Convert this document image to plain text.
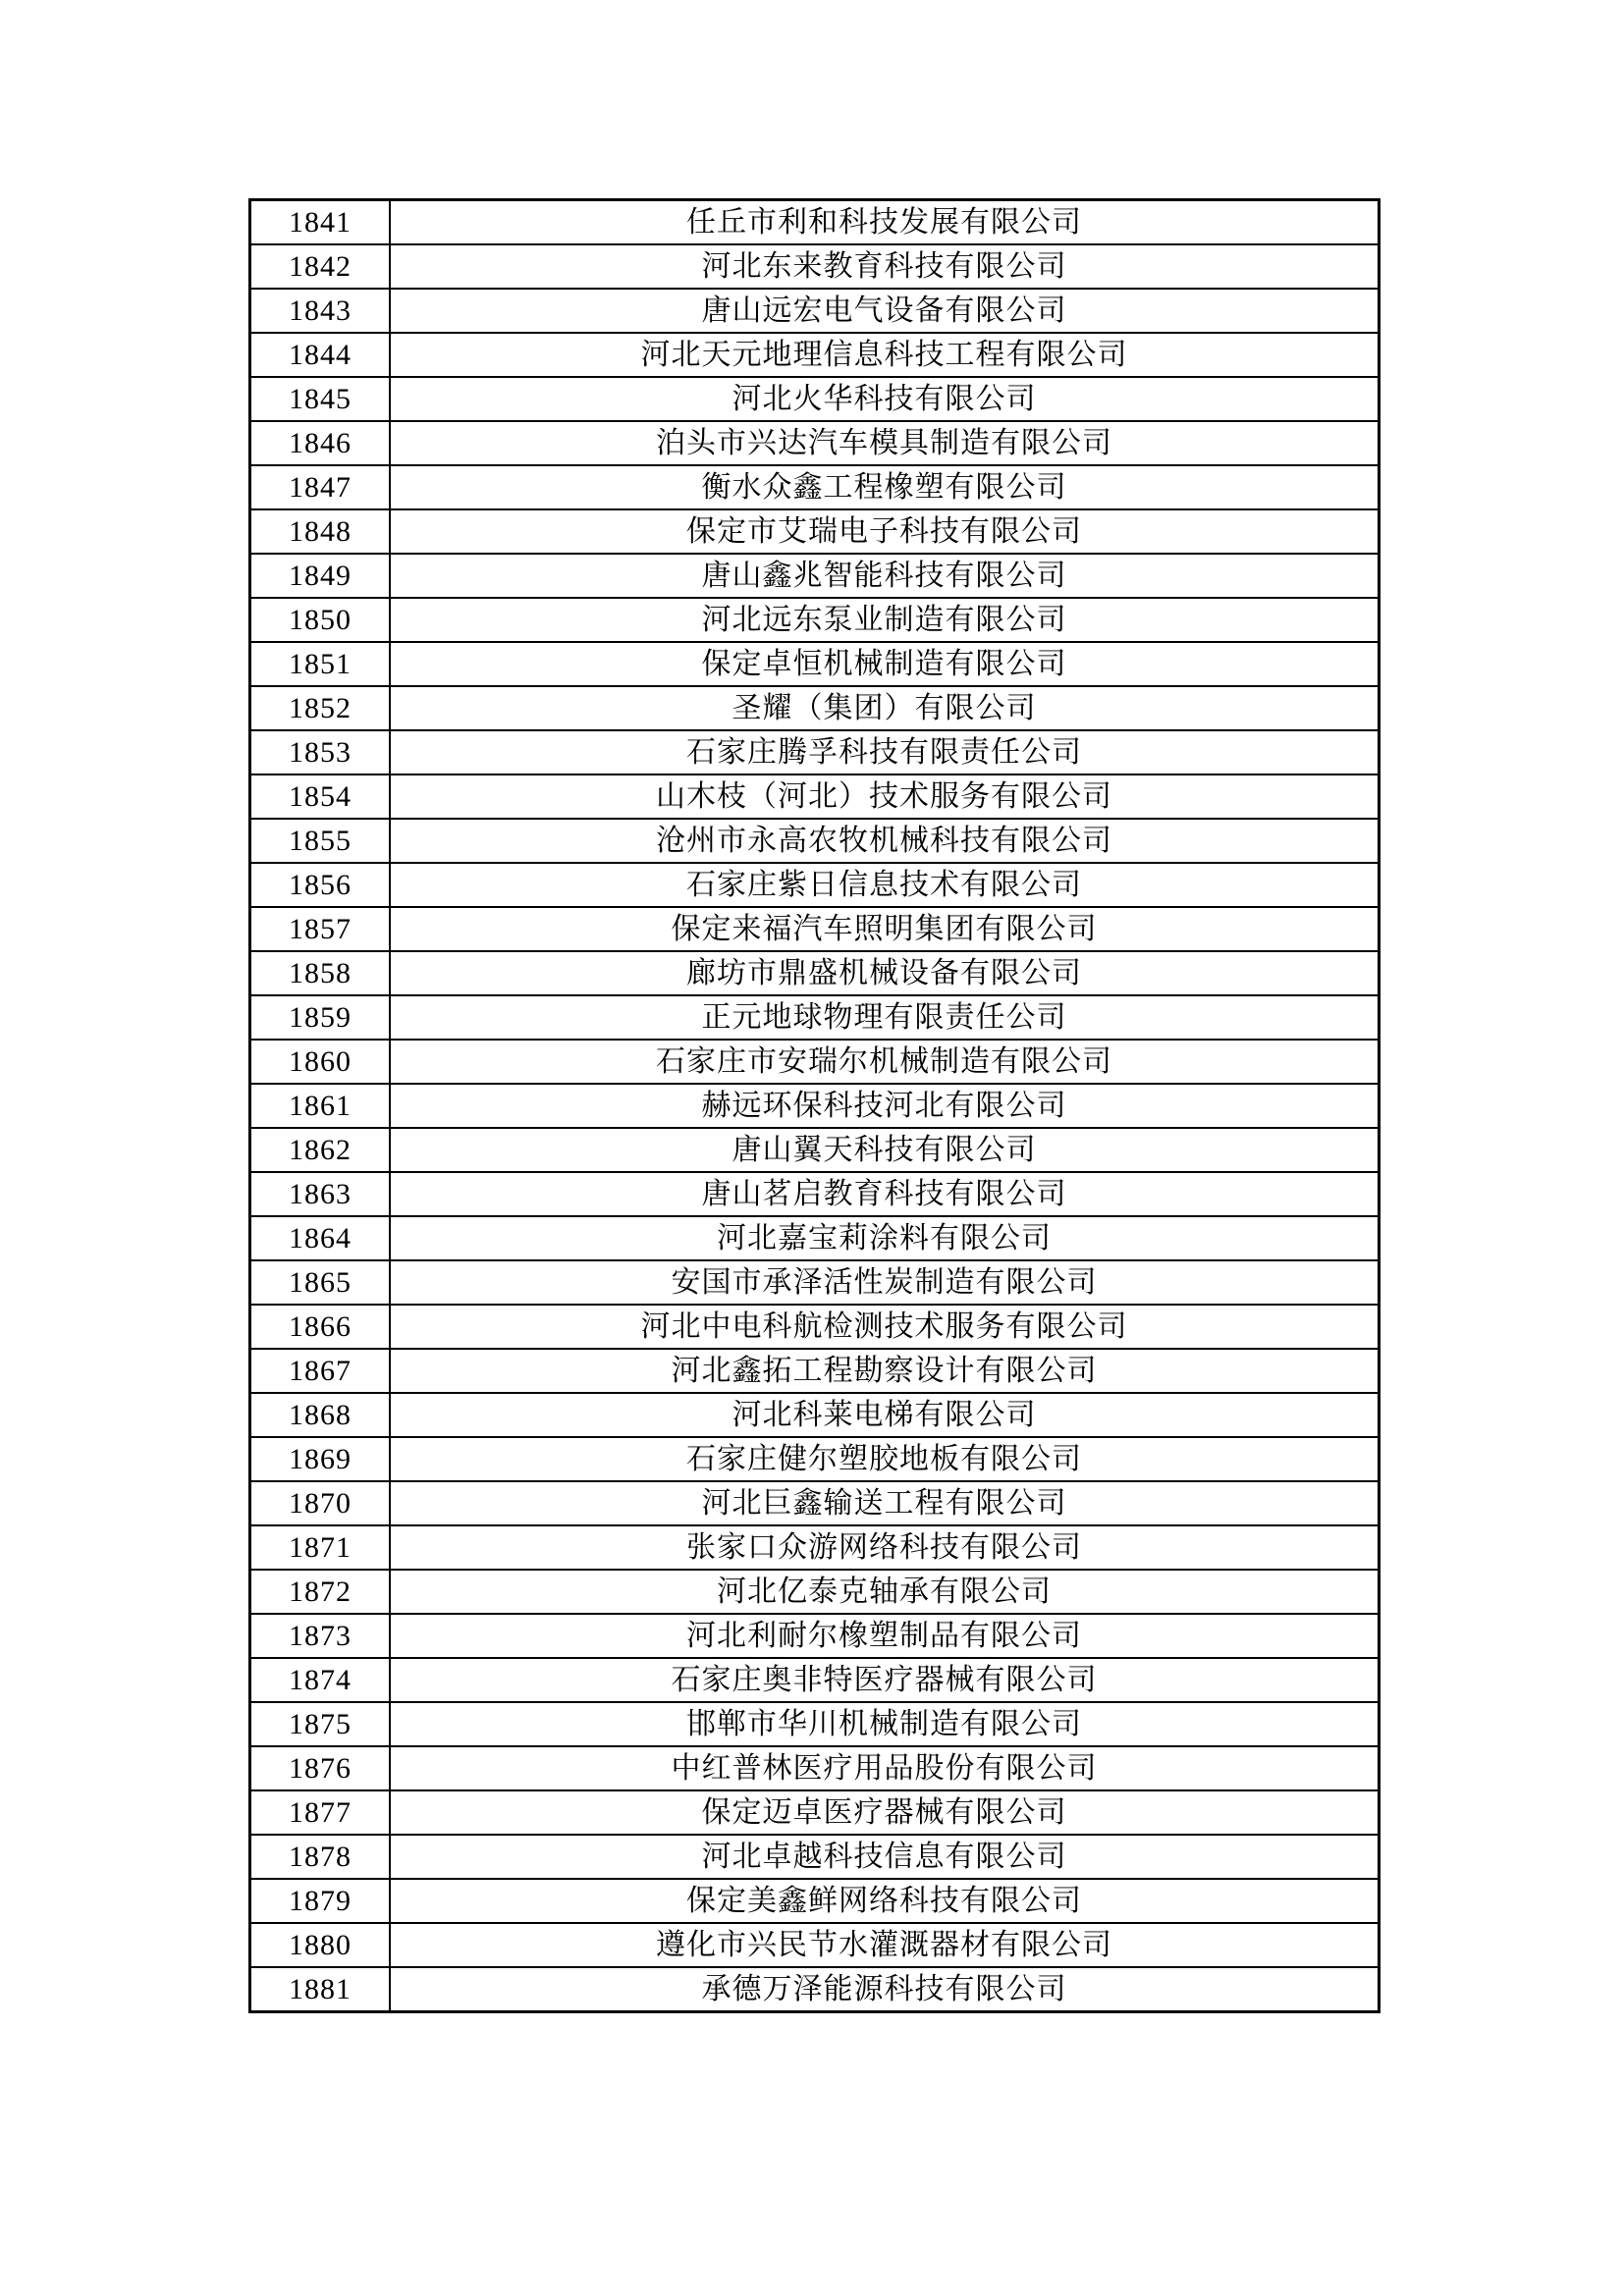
1841	任丘市利和科技发展有限公司
1842	河北东来教育科技有限公司
1843	唐山远宏电气设备有限公司
1844	河北天元地理信息科技工程有限公司
1845	河北火华科技有限公司
1846	泊头市兴达汽车模具制造有限公司
1847	衡水众鑫工程橡塑有限公司
1848	保定市艾瑞电子科技有限公司
1849	唐山鑫兆智能科技有限公司
1850	河北远东泵业制造有限公司
1851	保定卓恒机械制造有限公司
1852	圣耀（集团）有限公司
1853	石家庄腾孚科技有限责任公司
1854	山木枝（河北）技术服务有限公司
1855	沧州市永高农牧机械科技有限公司
1856	石家庄紫日信息技术有限公司
1857	保定来福汽车照明集团有限公司
1858	廊坊市鼎盛机械设备有限公司
1859	正元地球物理有限责任公司
1860	石家庄市安瑞尔机械制造有限公司
1861	赫远环保科技河北有限公司
1862	唐山翼天科技有限公司
1863	唐山茗启教育科技有限公司
1864	河北嘉宝莉涂料有限公司
1865	安国市承泽活性炭制造有限公司
1866	河北中电科航检测技术服务有限公司
1867	河北鑫拓工程勘察设计有限公司
1868	河北科莱电梯有限公司
1869	石家庄健尔塑胶地板有限公司
1870	河北巨鑫输送工程有限公司
1871	张家口众游网络科技有限公司
1872	河北亿泰克轴承有限公司
1873	河北利耐尔橡塑制品有限公司
1874	石家庄奥非特医疗器械有限公司
1875	邯郸市华川机械制造有限公司
1876	中红普林医疗用品股份有限公司
1877	保定迈卓医疗器械有限公司
1878	河北卓越科技信息有限公司
1879	保定美鑫鲜网络科技有限公司
1880	遵化市兴民节水灌溉器材有限公司
1881	承德万泽能源科技有限公司
